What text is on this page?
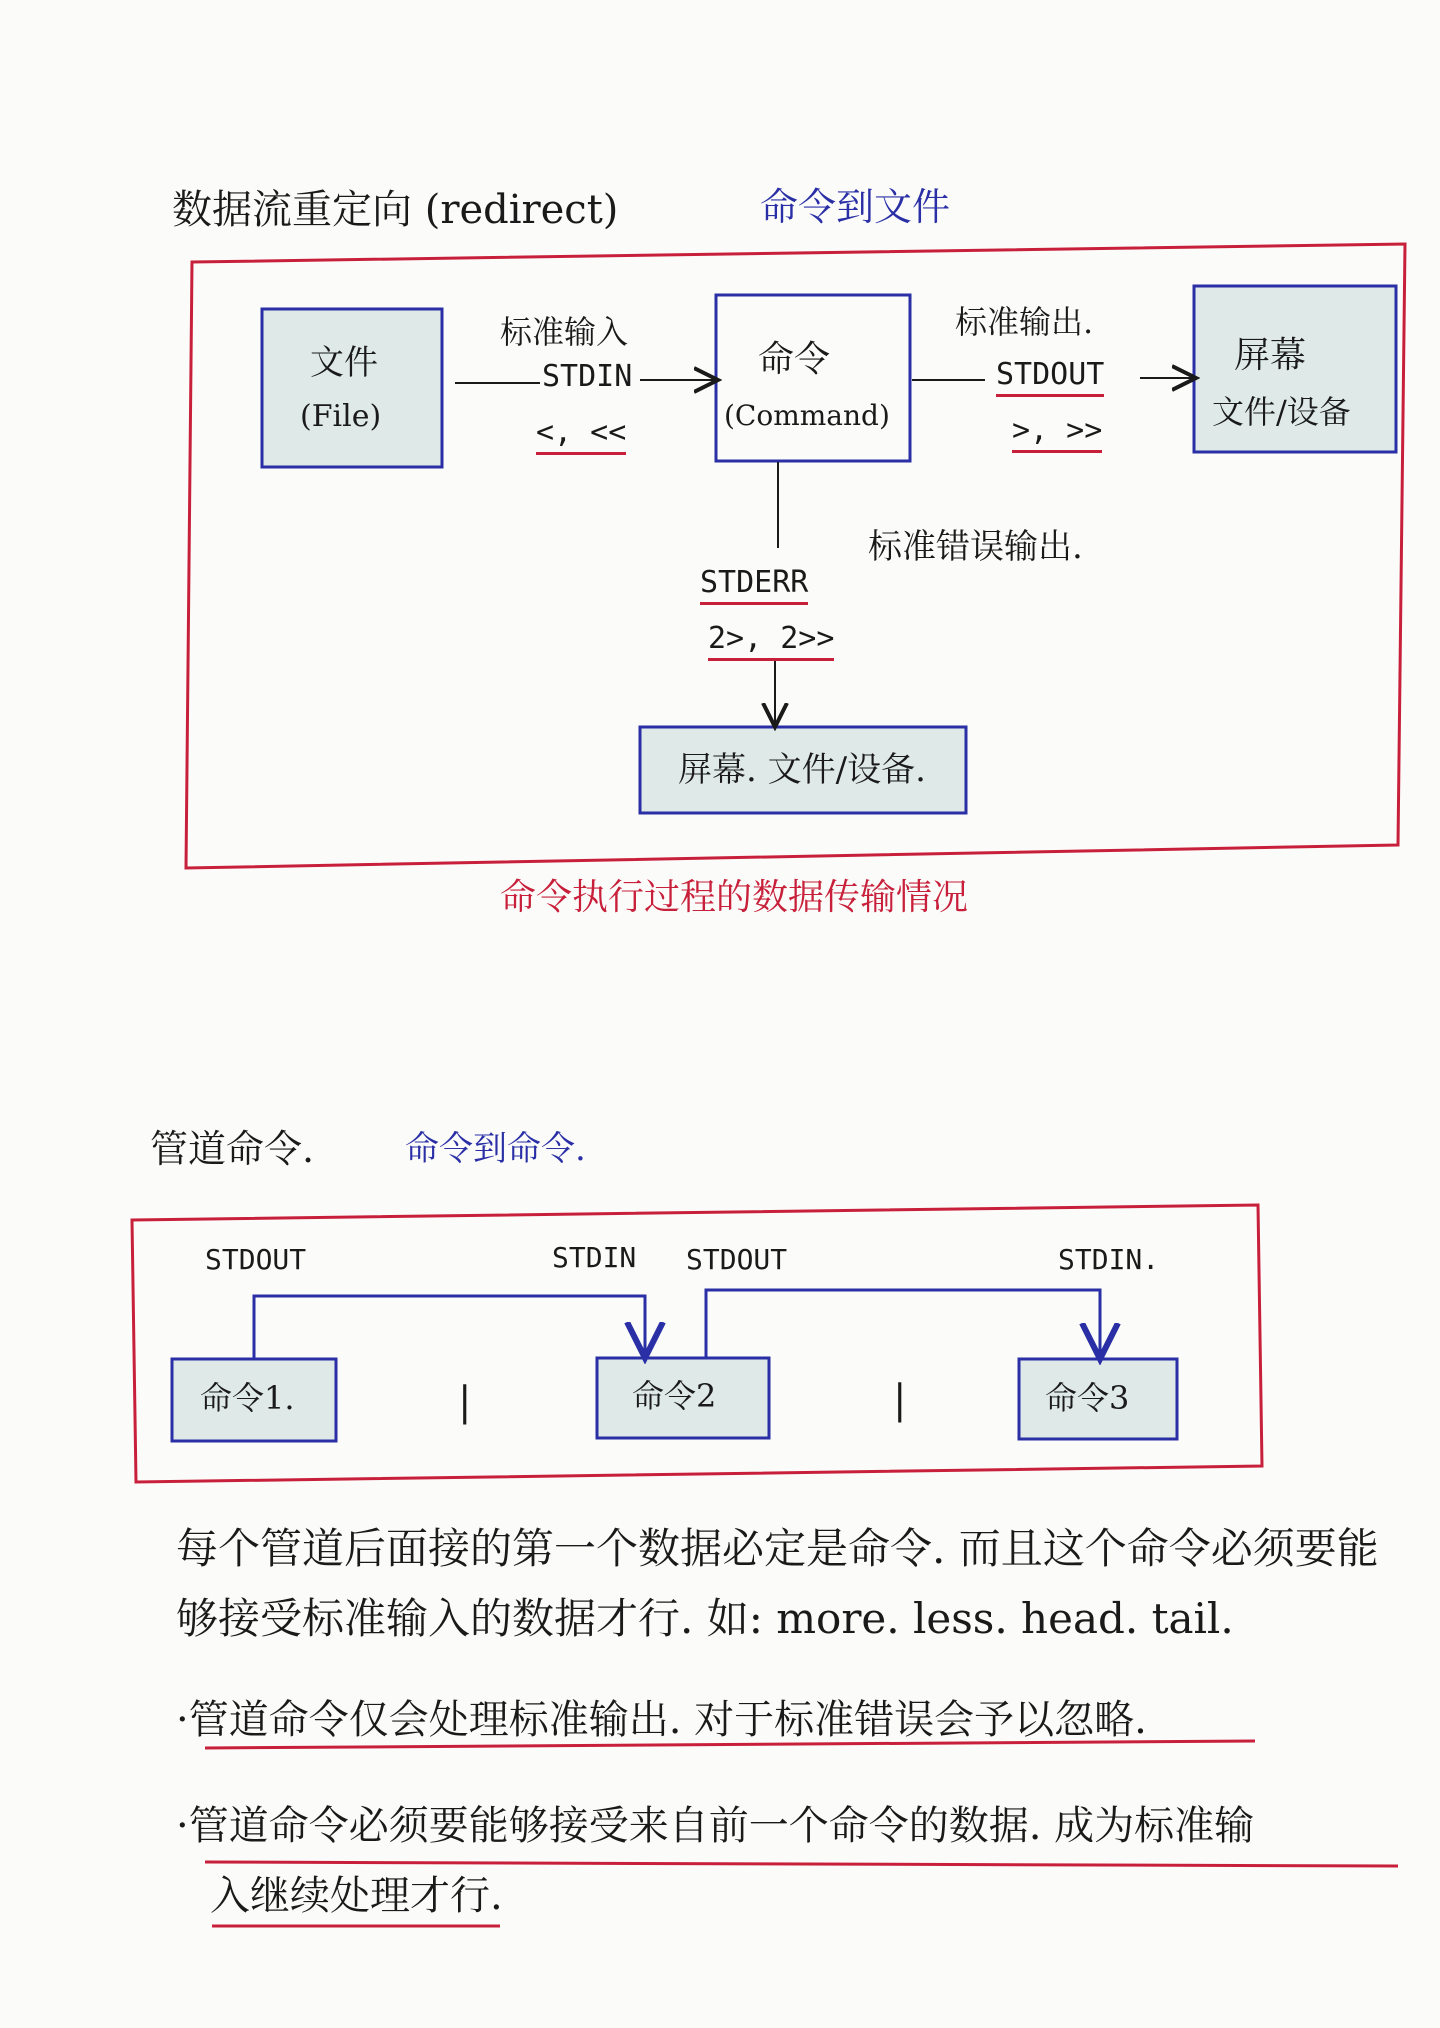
数据流重定向 (redirect)	命令到文件
文件
(File)
标准输入
STDIN
<, <<
命令
(Command)
标准输出.
STDOUT
>, >>
屏幕
文件/设备
标准错误输出.
STDERR
2>, 2>>
屏幕. 文件/设备.
命令执行过程的数据传输情况
管道命令.	命令到命令.
STDOUT	STDIN STDOUT	STDIN.
命令1.	命令2	命令3
|	|
每个管道后面接的第一个数据必定是命令. 而且这个命令必须要能
够接受标准输入的数据才行. 如: more. less. head. tail.
·管道命令仅会处理标准输出. 对于标准错误会予以忽略.
·管道命令必须要能够接受来自前一个命令的数据. 成为标准输
入继续处理才行.
